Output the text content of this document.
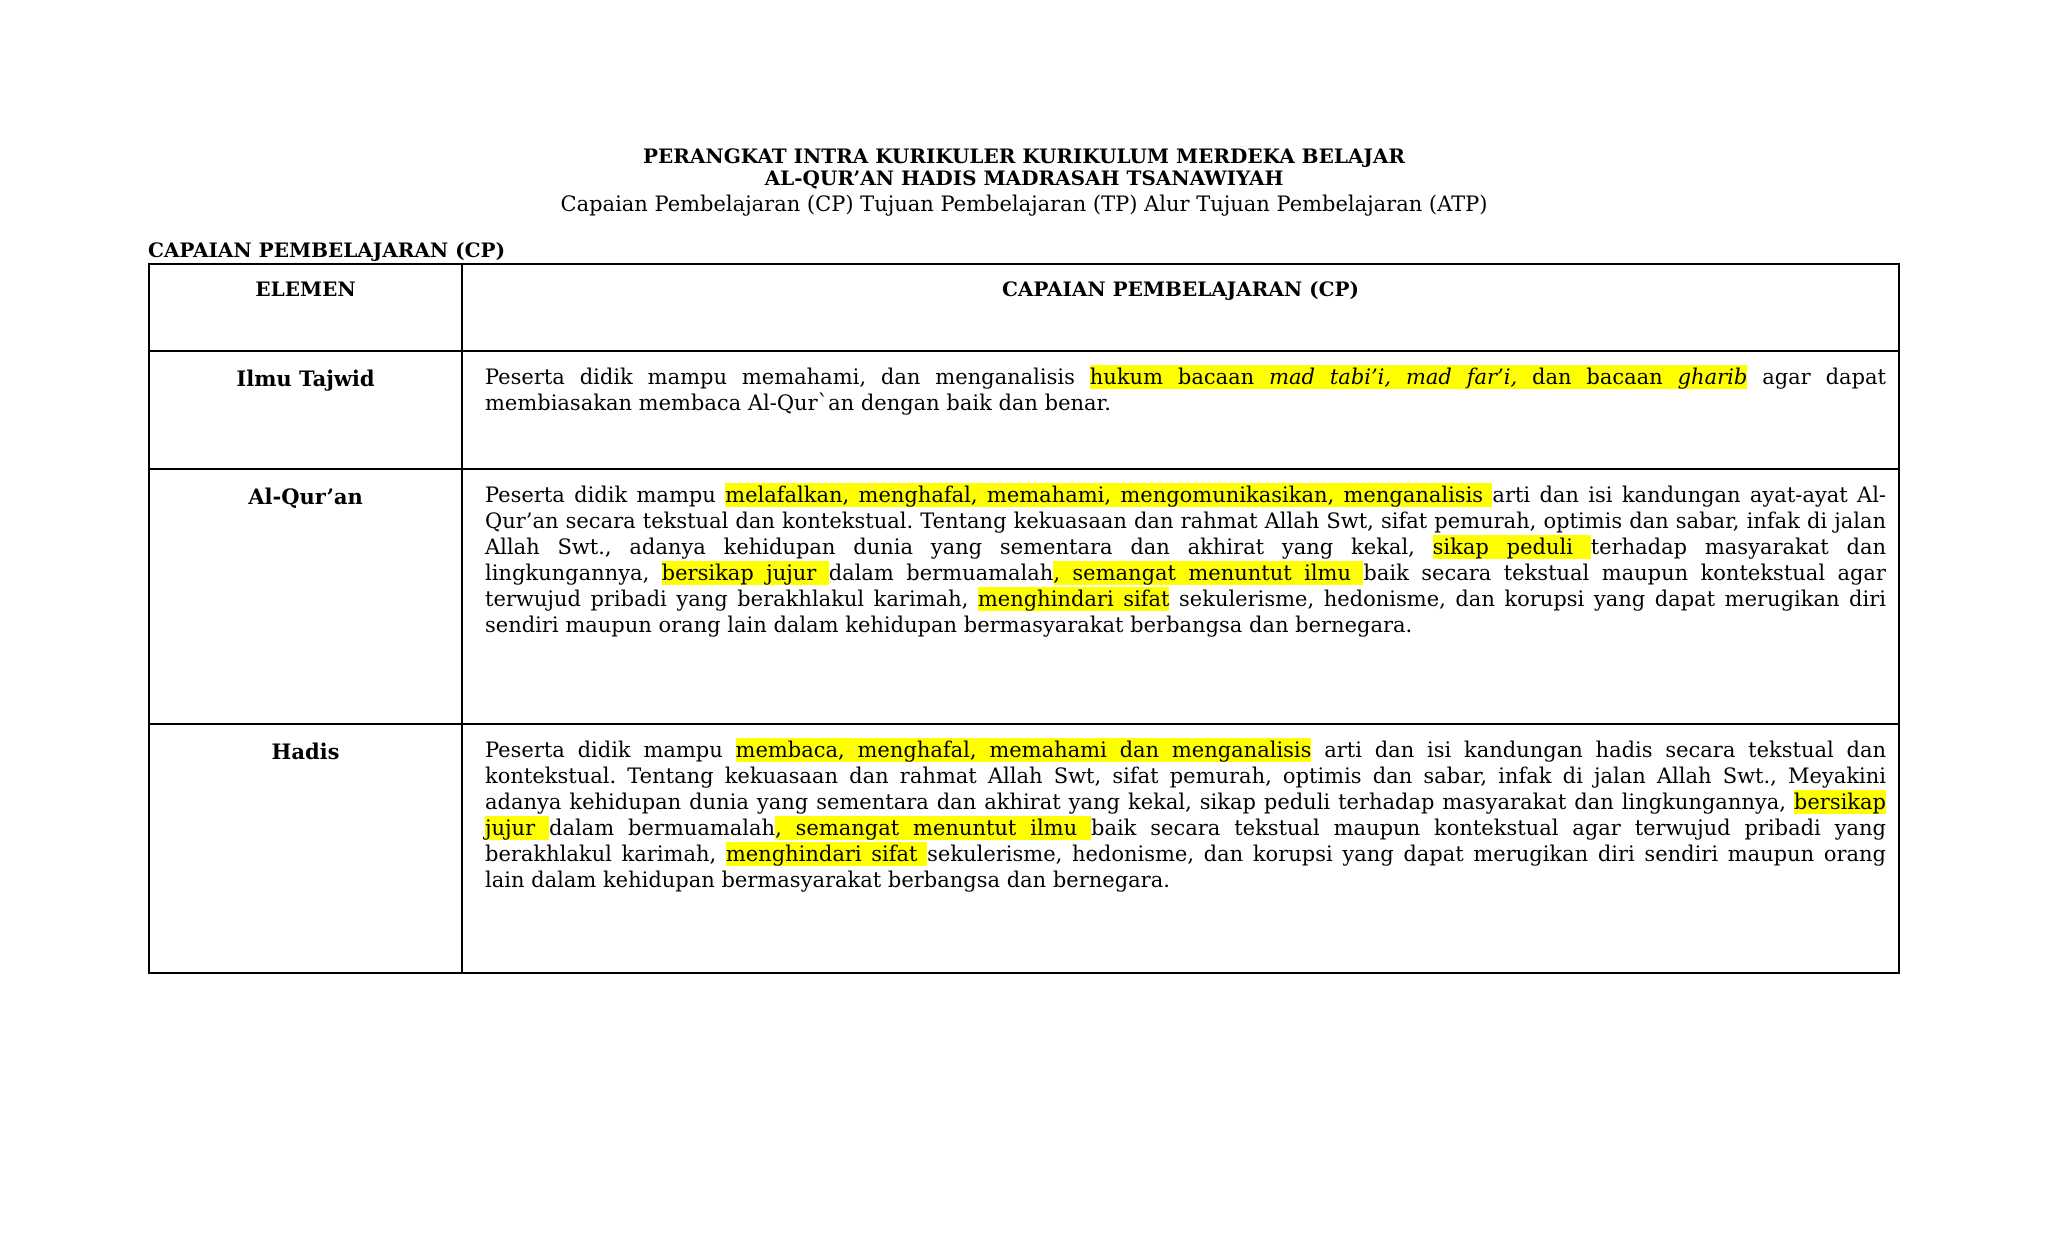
PERANGKAT INTRA KURIKULER KURIKULUM MERDEKA BELAJAR

AL-QUR’AN HADIS MADRASAH TSANAWIYAH

Capaian Pembelajaran (CP) Tujuan Pembelajaran (TP) Alur Tujuan Pembelajaran (ATP)

CAPAIAN PEMBELAJARAN (CP)
ELEMEN	CAPAIAN PEMBELAJARAN (CP)

Ilmu Tajwid	Peserta didik mampu memahami, dan menganalisis hukum bacaan mad tabi’i, mad far’i, dan bacaan gharib agar dapat membiasakan membaca Al-Qur`an dengan baik dan benar.

Al-Qur’an	Peserta didik mampu melafalkan, menghafal, memahami, mengomunikasikan, menganalisis arti dan isi kandungan ayat-ayat Al-Qur’an secara tekstual dan kontekstual. Tentang kekuasaan dan rahmat Allah Swt, sifat pemurah, optimis dan sabar, infak di jalan Allah Swt., adanya kehidupan dunia yang sementara dan akhirat yang kekal, sikap peduli terhadap masyarakat dan lingkungannya, bersikap jujur dalam bermuamalah, semangat menuntut ilmu baik secara tekstual maupun kontekstual agar terwujud pribadi yang berakhlakul karimah, menghindari sifat sekulerisme, hedonisme, dan korupsi yang dapat merugikan diri sendiri maupun orang lain dalam kehidupan bermasyarakat berbangsa dan bernegara.

Hadis	Peserta didik mampu membaca, menghafal, memahami dan menganalisis arti dan isi kandungan hadis secara tekstual dan kontekstual. Tentang kekuasaan dan rahmat Allah Swt, sifat pemurah, optimis dan sabar, infak di jalan Allah Swt., Meyakini adanya kehidupan dunia yang sementara dan akhirat yang kekal, sikap peduli terhadap masyarakat dan lingkungannya, bersikap jujur dalam bermuamalah, semangat menuntut ilmu baik secara tekstual maupun kontekstual agar terwujud pribadi yang berakhlakul karimah, menghindari sifat sekulerisme, hedonisme, dan korupsi yang dapat merugikan diri sendiri maupun orang lain dalam kehidupan bermasyarakat berbangsa dan bernegara.
